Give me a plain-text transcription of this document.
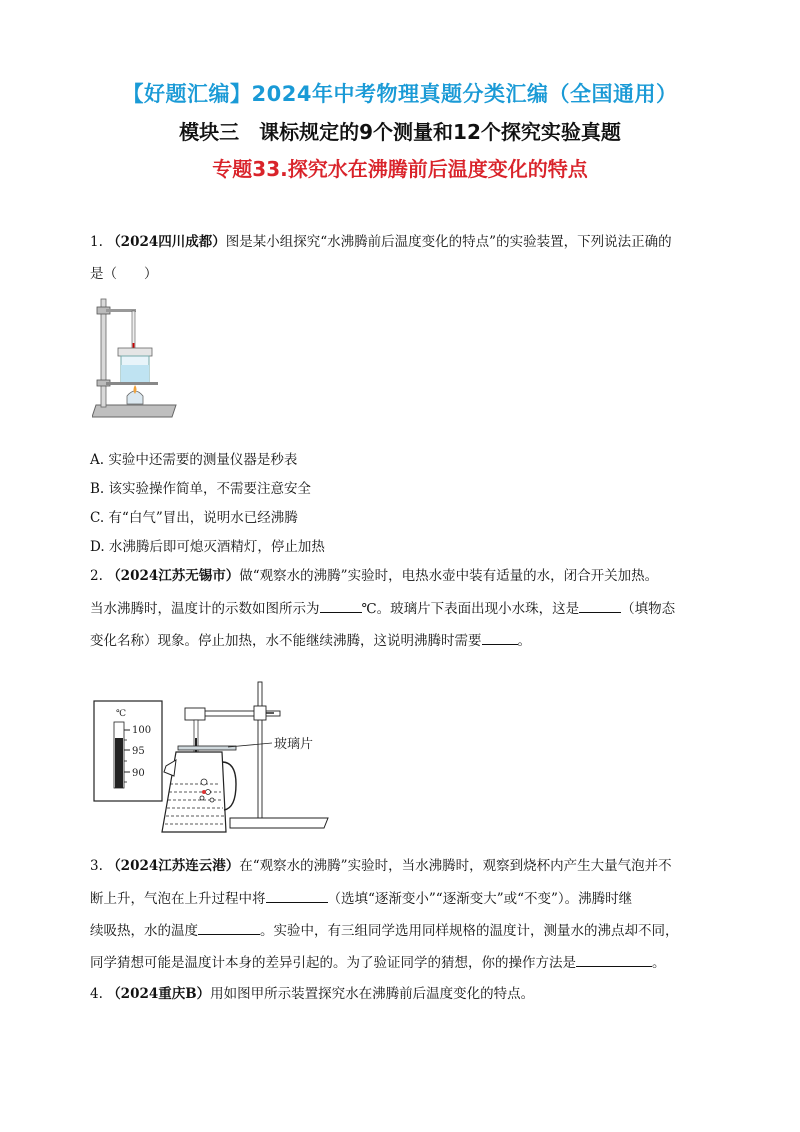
【好题汇编】2024年中考物理真题分类汇编（全国通用）
模块三　课标规定的9个测量和12个探究实验真题
专题33.探究水在沸腾前后温度变化的特点
1. （2024四川成都）图是某小组探究“水沸腾前后温度变化的特点”的实验装置，下列说法正确的
是（　　）
A. 实验中还需要的测量仪器是秒表
B. 该实验操作简单，不需要注意安全
C. 有“白气”冒出，说明水已经沸腾
D. 水沸腾后即可熄灭酒精灯，停止加热
2. （2024江苏无锡市）做“观察水的沸腾”实验时，电热水壶中装有适量的水，闭合开关加热。
当水沸腾时，温度计的示数如图所示为	℃。玻璃片下表面出现小水珠，这是	（填物态
变化名称）现象。停止加热，水不能继续沸腾，这说明沸腾时需要	。
℃
100
95
90
玻璃片
3. （2024江苏连云港）在“观察水的沸腾”实验时，当水沸腾时，观察到烧杯内产生大量气泡并不
断上升，气泡在上升过程中将	（选填“逐渐变小”“逐渐变大”或“不变”）。沸腾时继
续吸热，水的温度	。实验中，有三组同学选用同样规格的温度计，测量水的沸点却不同，
同学猜想可能是温度计本身的差异引起的。为了验证同学的猜想，你的操作方法是	。
4. （2024重庆B）用如图甲所示装置探究水在沸腾前后温度变化的特点。
